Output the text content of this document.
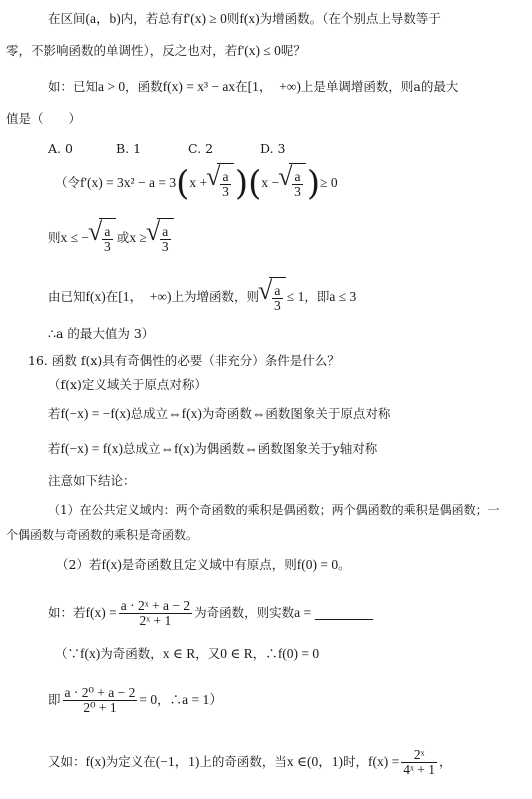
在区间(a，b)内，若总有f'(x) ≥ 0则f(x)为增函数。（在个别点上导数等于
零，不影响函数的单调性），反之也对，若f'(x) ≤ 0呢？
如：已知a > 0，函数f(x) = x³ − ax在[1，　+∞)上是单调增函数，则a的最大
值是（　　）
A. 0	B. 1	C. 2	D. 3
（令f'(x) = 3x² − a = 3(x + √ $\frac{a}{3} )(x$ − √ $\frac{a}{3}$ )≥ 0
则x ≤ − √ $\frac{a}{3}$ 或x ≥ √ $\frac{a}{3}$
由已知f(x)在[1，　+∞)上为增函数，则 √ $\frac{a}{3} \le 1$，即a ≤ 3
∴a 的最大值为 3）
16. 函数 f(x)具有奇偶性的必要（非充分）条件是什么？
（f(x)定义域关于原点对称）
若f(−x) = −f(x)总成立⇔f(x)为奇函数⇔函数图象关于原点对称
若f(−x) = f(x)总成立⇔f(x)为偶函数⇔函数图象关于y轴对称
注意如下结论：
（1）在公共定义域内：两个奇函数的乘积是偶函数；两个偶函数的乘积是偶函数；一
个偶函数与奇函数的乘积是奇函数。
（2）若f(x)是奇函数且定义域中有原点，则f(0) = 0。
如：若$f(x) = \frac{\text{a · 2ˣ + a − 2}}{\text{2ˣ + 1}}$ 为奇函数，则实数a =
（∵f(x)为奇函数，x ∈ R，又0 ∈ R，∴f(0) = 0
即 $\frac{\text{a · 2⁰ + a − 2}}{\text{2⁰ + 1}} = 0$，∴a = 1）
又如：f(x)为定义在(−1，1)上的奇函数，当x ∈(0，1)时，$f(x) = \frac{\text{2ˣ}}{\text{4ˣ + 1}}$ ，
